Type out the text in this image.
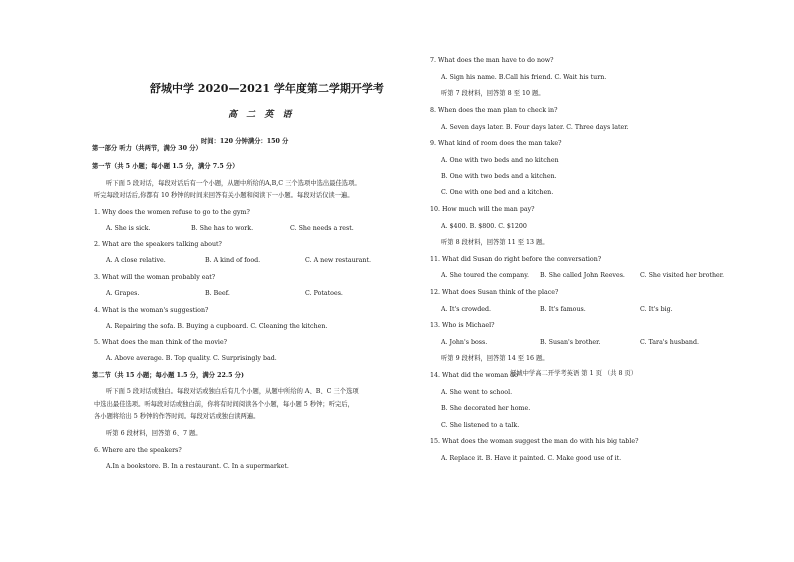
舒城中学 2020—2021 学年度第二学期开学考
高 二 英 语
时间：120 分钟满分：150 分
第一部分 听力（共两节，满分 30 分）
第一节（共 5 小题；每小题 1.5 分，满分 7.5 分）
听下面 5 段对话，每段对话后有一个小题，从题中所给的A,B,C 三个选项中选出最佳选项。
听完每段对话后,你都有 10 秒钟的时间来回答有关小题和阅读下一小题。每段对话仅读一遍。
1. Why does the women refuse to go to the gym?
A. She is sick.	B. She has to work.	C. She needs a rest.
2. What are the speakers talking about?
A. A close relative.	B. A kind of food.	C. A new restaurant.
3. What will the woman probably eat?
A. Grapes.	B. Beef.	C. Potatoes.
4. What is the woman's suggestion?
A. Repairing the sofa. B. Buying a cupboard. C. Cleaning the kitchen.
5. What does the man think of the movie?
A. Above average. B. Top quality. C. Surprisingly bad.
第二节（共 15 小题；每小题 1.5 分，满分 22.5 分)
听下面 5 段对话或独白。每段对话或独白后有几个小题，从题中所给的 A、B、C 三个选项
中选出最佳选项。听每段对话或独白前，你将有时间阅读各个小题，每小题 5 秒钟；听完后，
各小题将给出 5 秒钟的作答时间。每段对话或独白读两遍。
听第 6 段材料，回答第 6、7 题。
6. Where are the speakers?
A.In a bookstore. B. In a restaurant. C. In a supermarket.
7. What does the man have to do now?
A. Sign his name. B.Call his friend. C. Wait his turn.
听第 7 段材料，回答第 8 至 10 题。
8. When does the man plan to check in?
A. Seven days later. B. Four days later. C. Three days later.
9. What kind of room does the man take?
A. One with two beds and no kitchen
B. One with two beds and a kitchen.
C. One with one bed and a kitchen.
10. How much will the man pay?
A. $400. B. $800. C. $1200
听第 8 段材料，回答第 11 至 13 题。
11. What did Susan do right before the conversation?
A. She toured the company. B. She called John Reeves. C. She visited her brother.
12. What does Susan think of the place?
A. It's crowded.	B. It's famous.	C. It's big.
13. Who is Michael?
A. John's boss.	B. Susan's brother.	C. Tara's husband.
听第 9 段材料，回答第 14 至 16 题。
14. What did the woman do
舒城中学高二开学考英语 第 1 页 （共 8 页）
A. She went to school.
B. She decorated her home.
C. She listened to a talk.
15. What does the woman suggest the man do with his big table?
A. Replace it. B. Have it painted. C. Make good use of it.
